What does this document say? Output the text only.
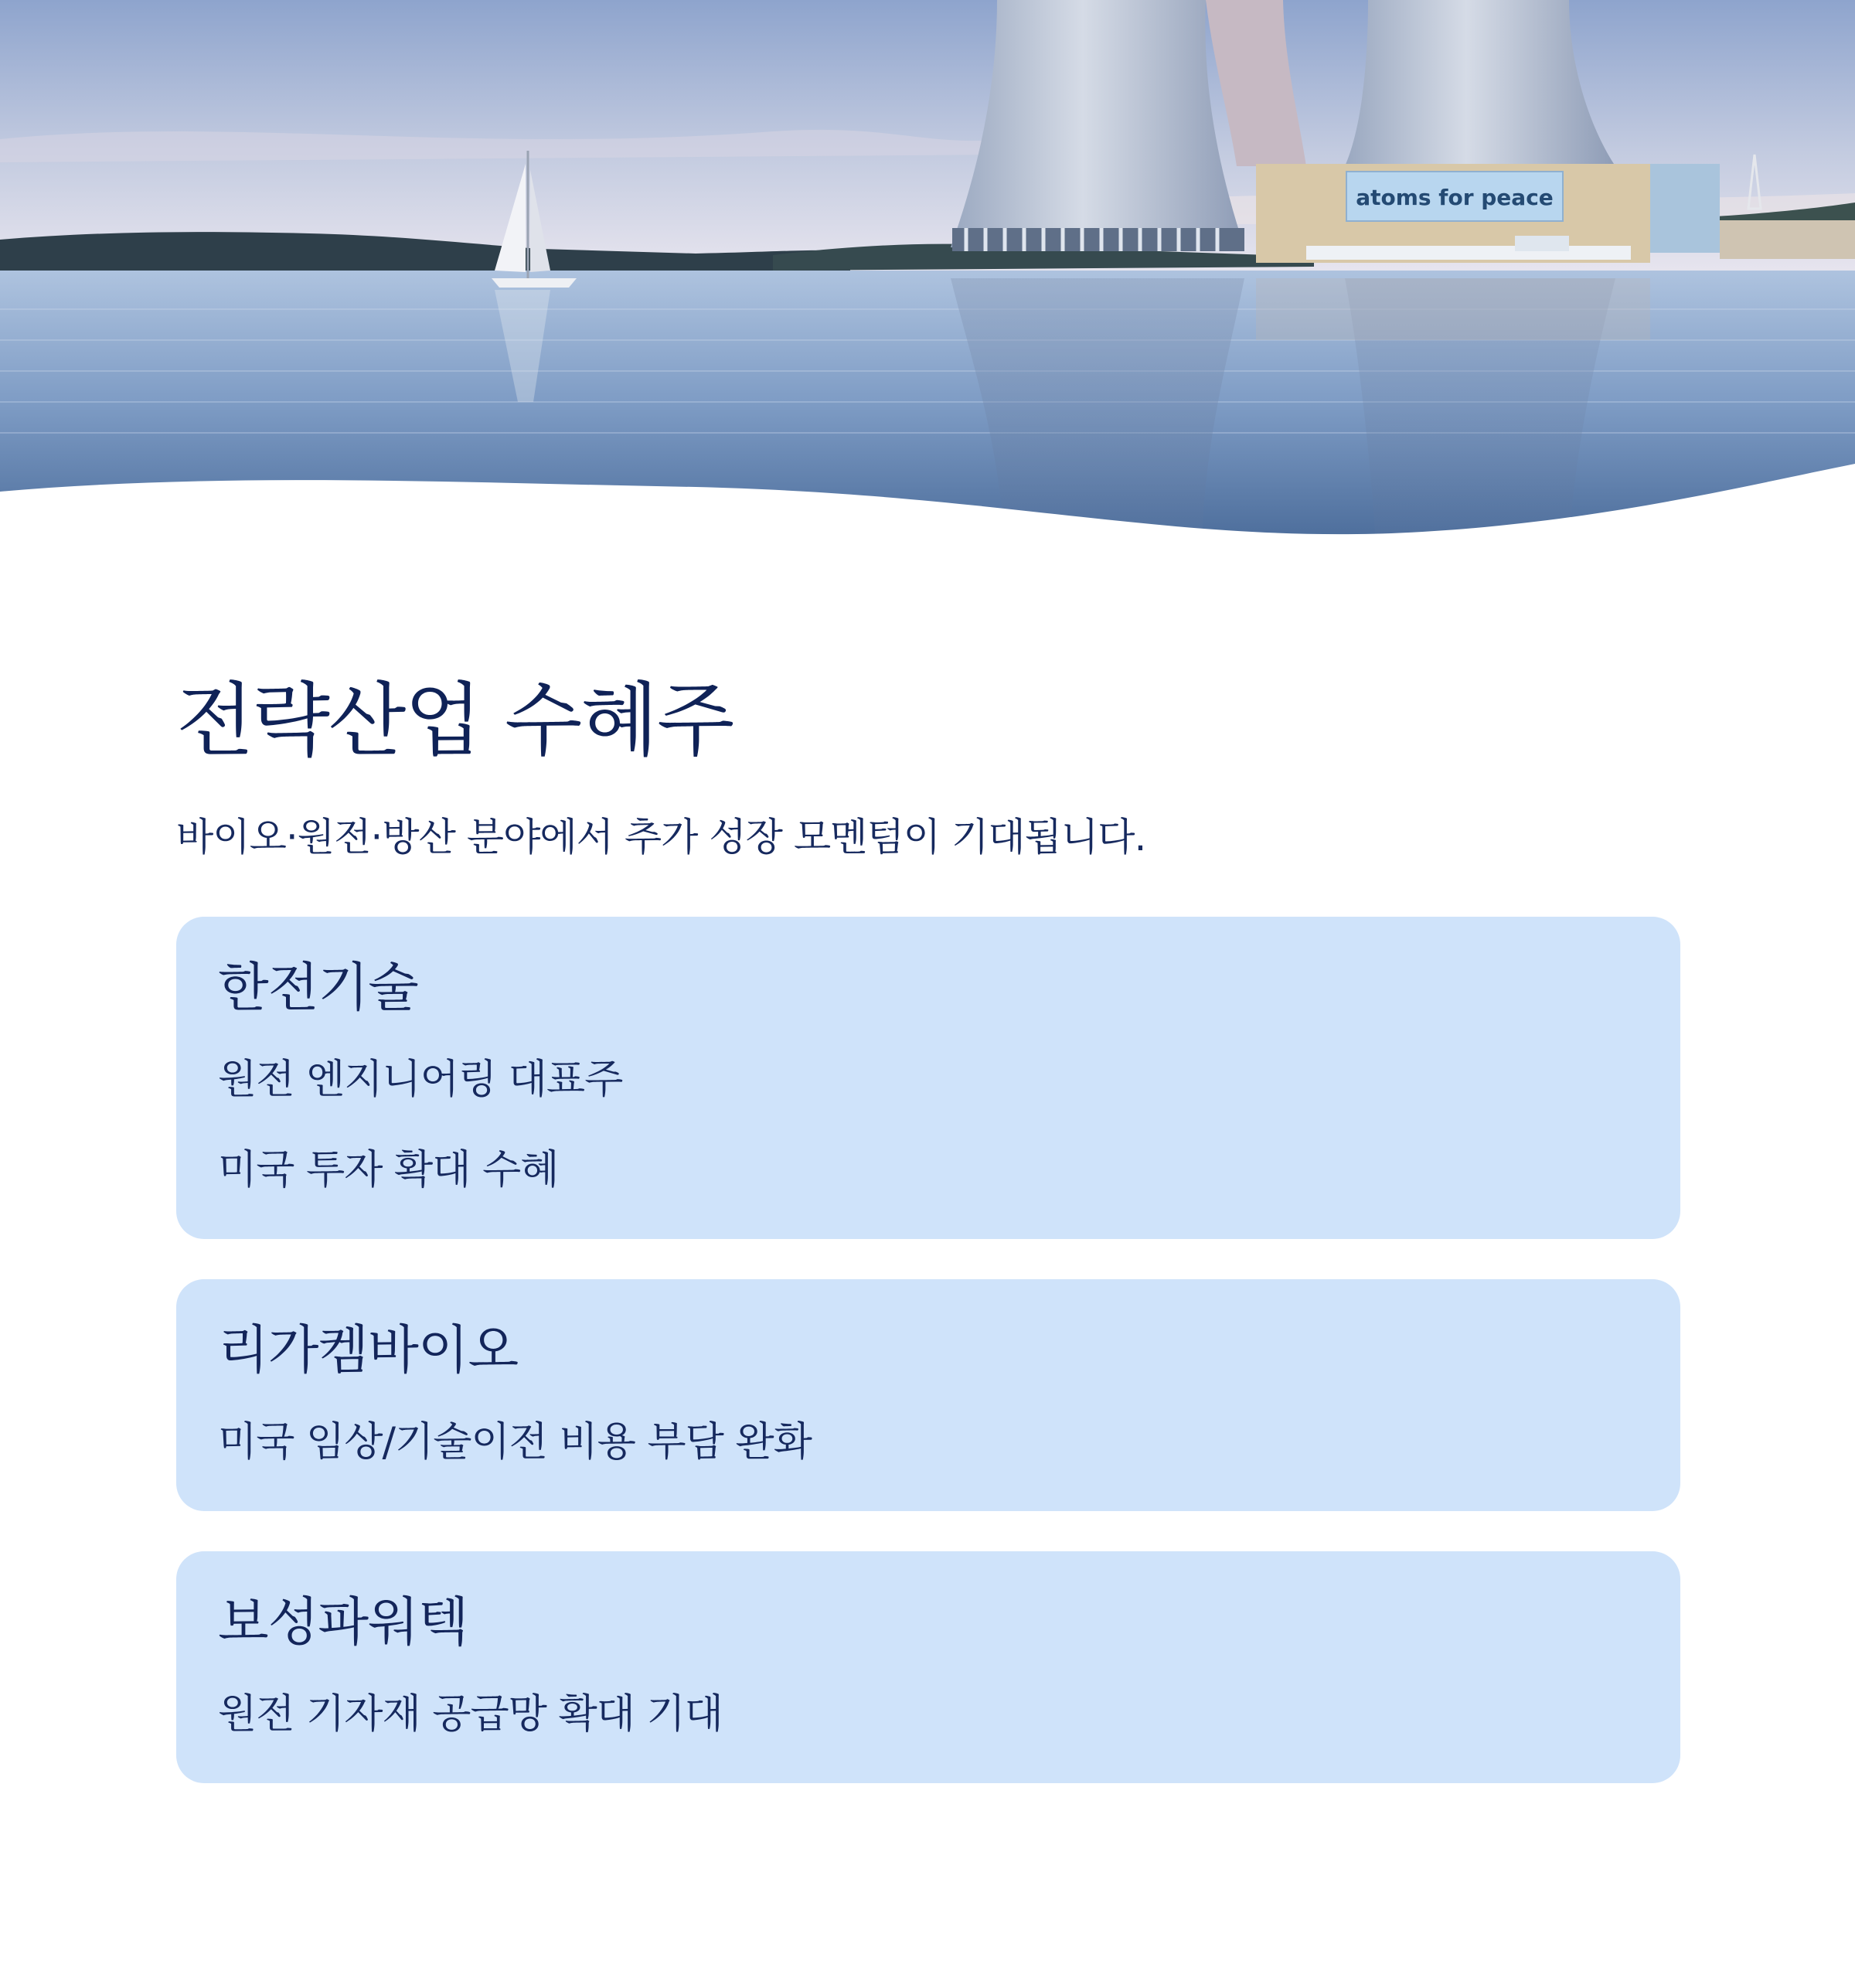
atoms for peace
전략산업 수혜주

바이오·원전·방산 분야에서 추가 성장 모멘텀이 기대됩니다.

한전기술

원전 엔지니어링 대표주

미국 투자 확대 수혜

리가켐바이오

미국 임상/기술이전 비용 부담 완화

보성파워텍

원전 기자재 공급망 확대 기대
